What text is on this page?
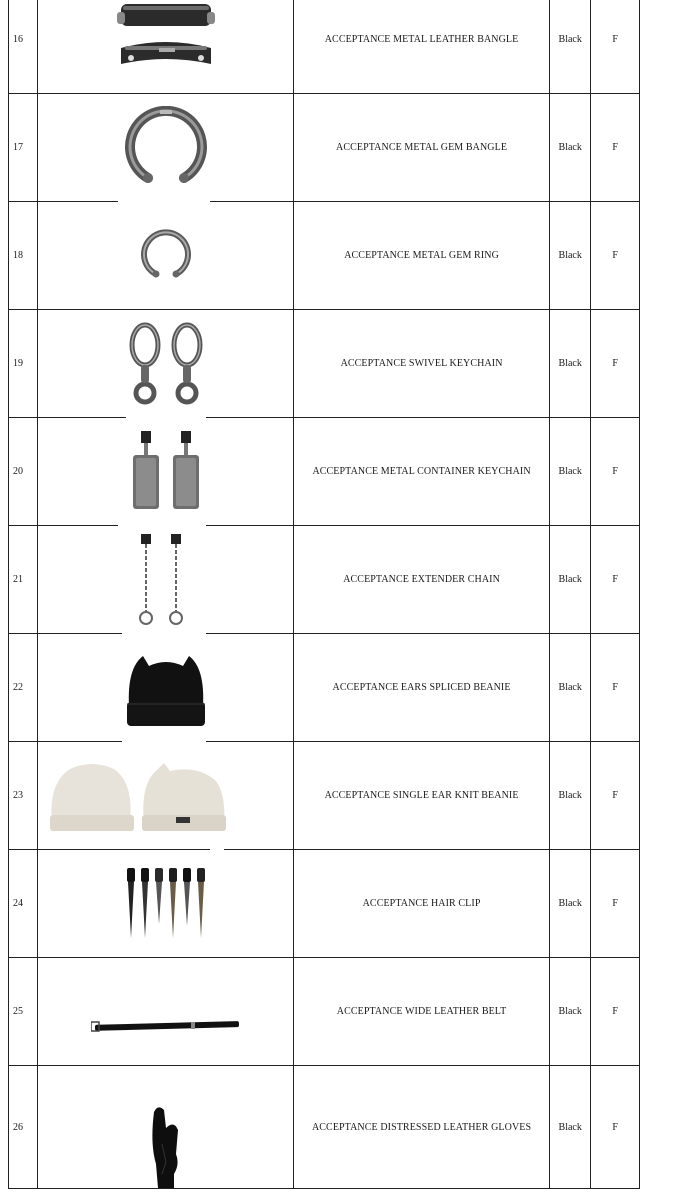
16		ACCEPTANCE METAL LEATHER BANGLE	Black	F
17		ACCEPTANCE METAL GEM BANGLE	Black	F
18		ACCEPTANCE METAL GEM RING	Black	F
19		ACCEPTANCE SWIVEL KEYCHAIN	Black	F
20		ACCEPTANCE METAL CONTAINER KEYCHAIN	Black	F
21		ACCEPTANCE EXTENDER CHAIN	Black	F
22		ACCEPTANCE EARS SPLICED BEANIE	Black	F
23		ACCEPTANCE SINGLE EAR KNIT BEANIE	Black	F
24		ACCEPTANCE HAIR CLIP	Black	F
25		ACCEPTANCE WIDE LEATHER BELT	Black	F
26		ACCEPTANCE DISTRESSED LEATHER GLOVES	Black	F
